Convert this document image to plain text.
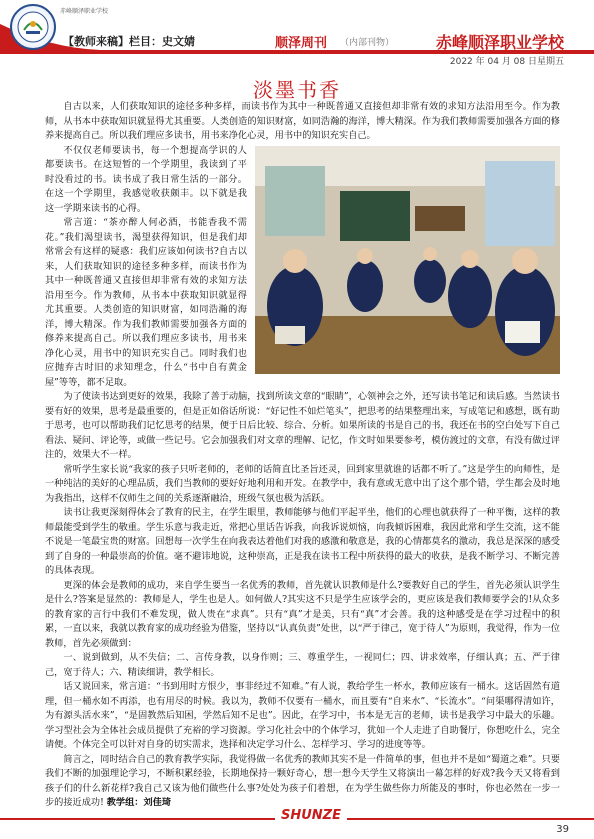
赤峰顺泽职业学校
【教师来稿】栏目：史文婧	顺泽周刊 （内部刊物）	赤峰顺泽职业学校
2022 年 04 月 08 日星期五
淡墨书香

自古以来，人们获取知识的途径多种多样，而读书作为其中一种既普通又直接但却非常有效的求知方法沿用至今。作为教师，从书本中获取知识就显得尤其重要。人类创造的知识财富，如同浩瀚的海洋，博大精深。作为我们教师需要加强各方面的修养来提高自己。所以我们理应多读书，用书来净化心灵，用书中的知识充实自己。

不仅仅老师要读书，每一个想提高学识的人都要读书。在这短暂的一个学期里，我读到了平时没看过的书。读书成了我日常生活的一部分。在这一个学期里，我感觉收获颇丰。以下就是我这一学期来读书的心得。

常言道：“茶亦醉人何必酒，书能香我不需花。”我们渴望读书，渴望获得知识，但是我们却常常会有这样的疑惑：我们应该如何读书?自古以来，人们获取知识的途径多种多样，而读书作为其中一种既普通又直接但却非常有效的求知方法沿用至今。作为教师，从书本中获取知识就显得尤其重要。人类创造的知识财富，如同浩瀚的海洋，博大精深。作为我们教师需要加强各方面的修养来提高自己。所以我们理应多读书，用书来净化心灵，用书中的知识充实自己。同时我们也应抛弃古时旧的求知理念，什么“书中自有黄金屋”等等，都不足取。

为了使读书达到更好的效果，我除了善于动脑，找到所读文章的“眼睛”，心领神会之外，还写读书笔记和读后感。当然读书要有好的效果，思考是最重要的，但是正如俗话所说：“好记性不如烂笔头”，把思考的结果整理出来，写成笔记和感想，既有助于思考，也可以帮助我们记忆思考的结果，便于日后比较、综合、分析。如果所读的书是自己的书，我还在书的空白处写下自己看法、疑问、评论等，或做一些记号。它会加强我们对文章的理解、记忆，作文时如果要参考，模仿渡过的文章，有没有做过评注的，效果大不一样。

常听学生家长说“我家的孩子只听老师的，老师的话简直比圣旨还灵，回到家里就谁的话都不听了。”这是学生的向师性，是一种纯洁的美好的心理品质，我们当教师的要好好地利用和开发。在教学中，我有意或无意中出了这个那个错，学生都会及时地为我指出，这样不仅师生之间的关系逐渐融洽，班级气氛也极为活跃。

读书让我更深刻得体会了教育的民主，在学生眼里，教师能够与他们平起平坐，他们的心理也就获得了一种平衡，这样的教师最能受到学生的敬重。学生乐意与我走近，常把心里话告诉我，向我诉说烦恼，向我倾诉困难，我因此常和学生交流，这不能不说是一笔最宝贵的财富。回想每一次学生在向我表达着他们对我的感激和敬意是，我的心情都莫名的激动，我总是深深的感受到了自身的一种最崇高的价值。毫不避讳地说，这种崇高，正是我在读书工程中所获得的最大的收获，是我不断学习、不断完善的具体表现。

更深的体会是教师的成功，来自学生要当一名优秀的教师，首先就认识教师是什么?要教好自己的学生，首先必须认识学生是什么?答案是显然的：教师是人，学生也是人。如何做人?其实这不只是学生应该学会的，更应该是我们教师要学会的!从众多的教育家的言行中我们不难发现，做人贵在“求真”。只有“真”才是美，只有“真”才会善。我的这种感受是在学习过程中的积累，一直以来，我就以教育家的成功经验为借鉴，坚持以“认真负责”处世，以“严于律己，宽于待人”为原则，我觉得，作为一位教师，首先必须做到：

一、说到做到，从不失信；二、言传身教，以身作则；三、尊重学生，一视同仁；四、讲求效率，仔细认真；五、严于律己，宽于待人；六、精读细讲，教学相长。

话又说回来，常言道：“书到用时方恨少，事非经过不知难。”有人说，教给学生一杯水，教师应该有一桶水。这话固然有道理，但一桶水如不再添，也有用尽的时候。我以为，教师不仅要有一桶水，而且要有“自来水”、“长流水”。“问渠哪得清如许，为有源头活水来”，“是固教然后知困，学然后知不足也”。因此，在学习中，书本是无言的老师，读书是我学习中最大的乐趣。学习型社会为全体社会成员提供了充裕的学习资源。学习化社会中的个体学习，犹如一个人走进了自助餐厅，你想吃什么，完全请便。个体完全可以针对自身的切实需求，选择和决定学习什么、怎样学习、学习的进度等等。

简言之，同时结合自己的教育教学实际，我觉得做一名优秀的教师其实不是一件简单的事，但也并不是如“蜀道之难”。只要我们不断的加强理论学习，不断积累经验，长期地保持一颗好奇心，想一想今天学生又将演出一幕怎样的好戏?我今天又将看到孩子们的什么新花样?我自己又该为他们做些什么事?处处为孩子们着想，在为学生做些你力所能及的事时，你也必然在一步一步的接近成功! 教学组：刘佳琦

SHUNZE
39
